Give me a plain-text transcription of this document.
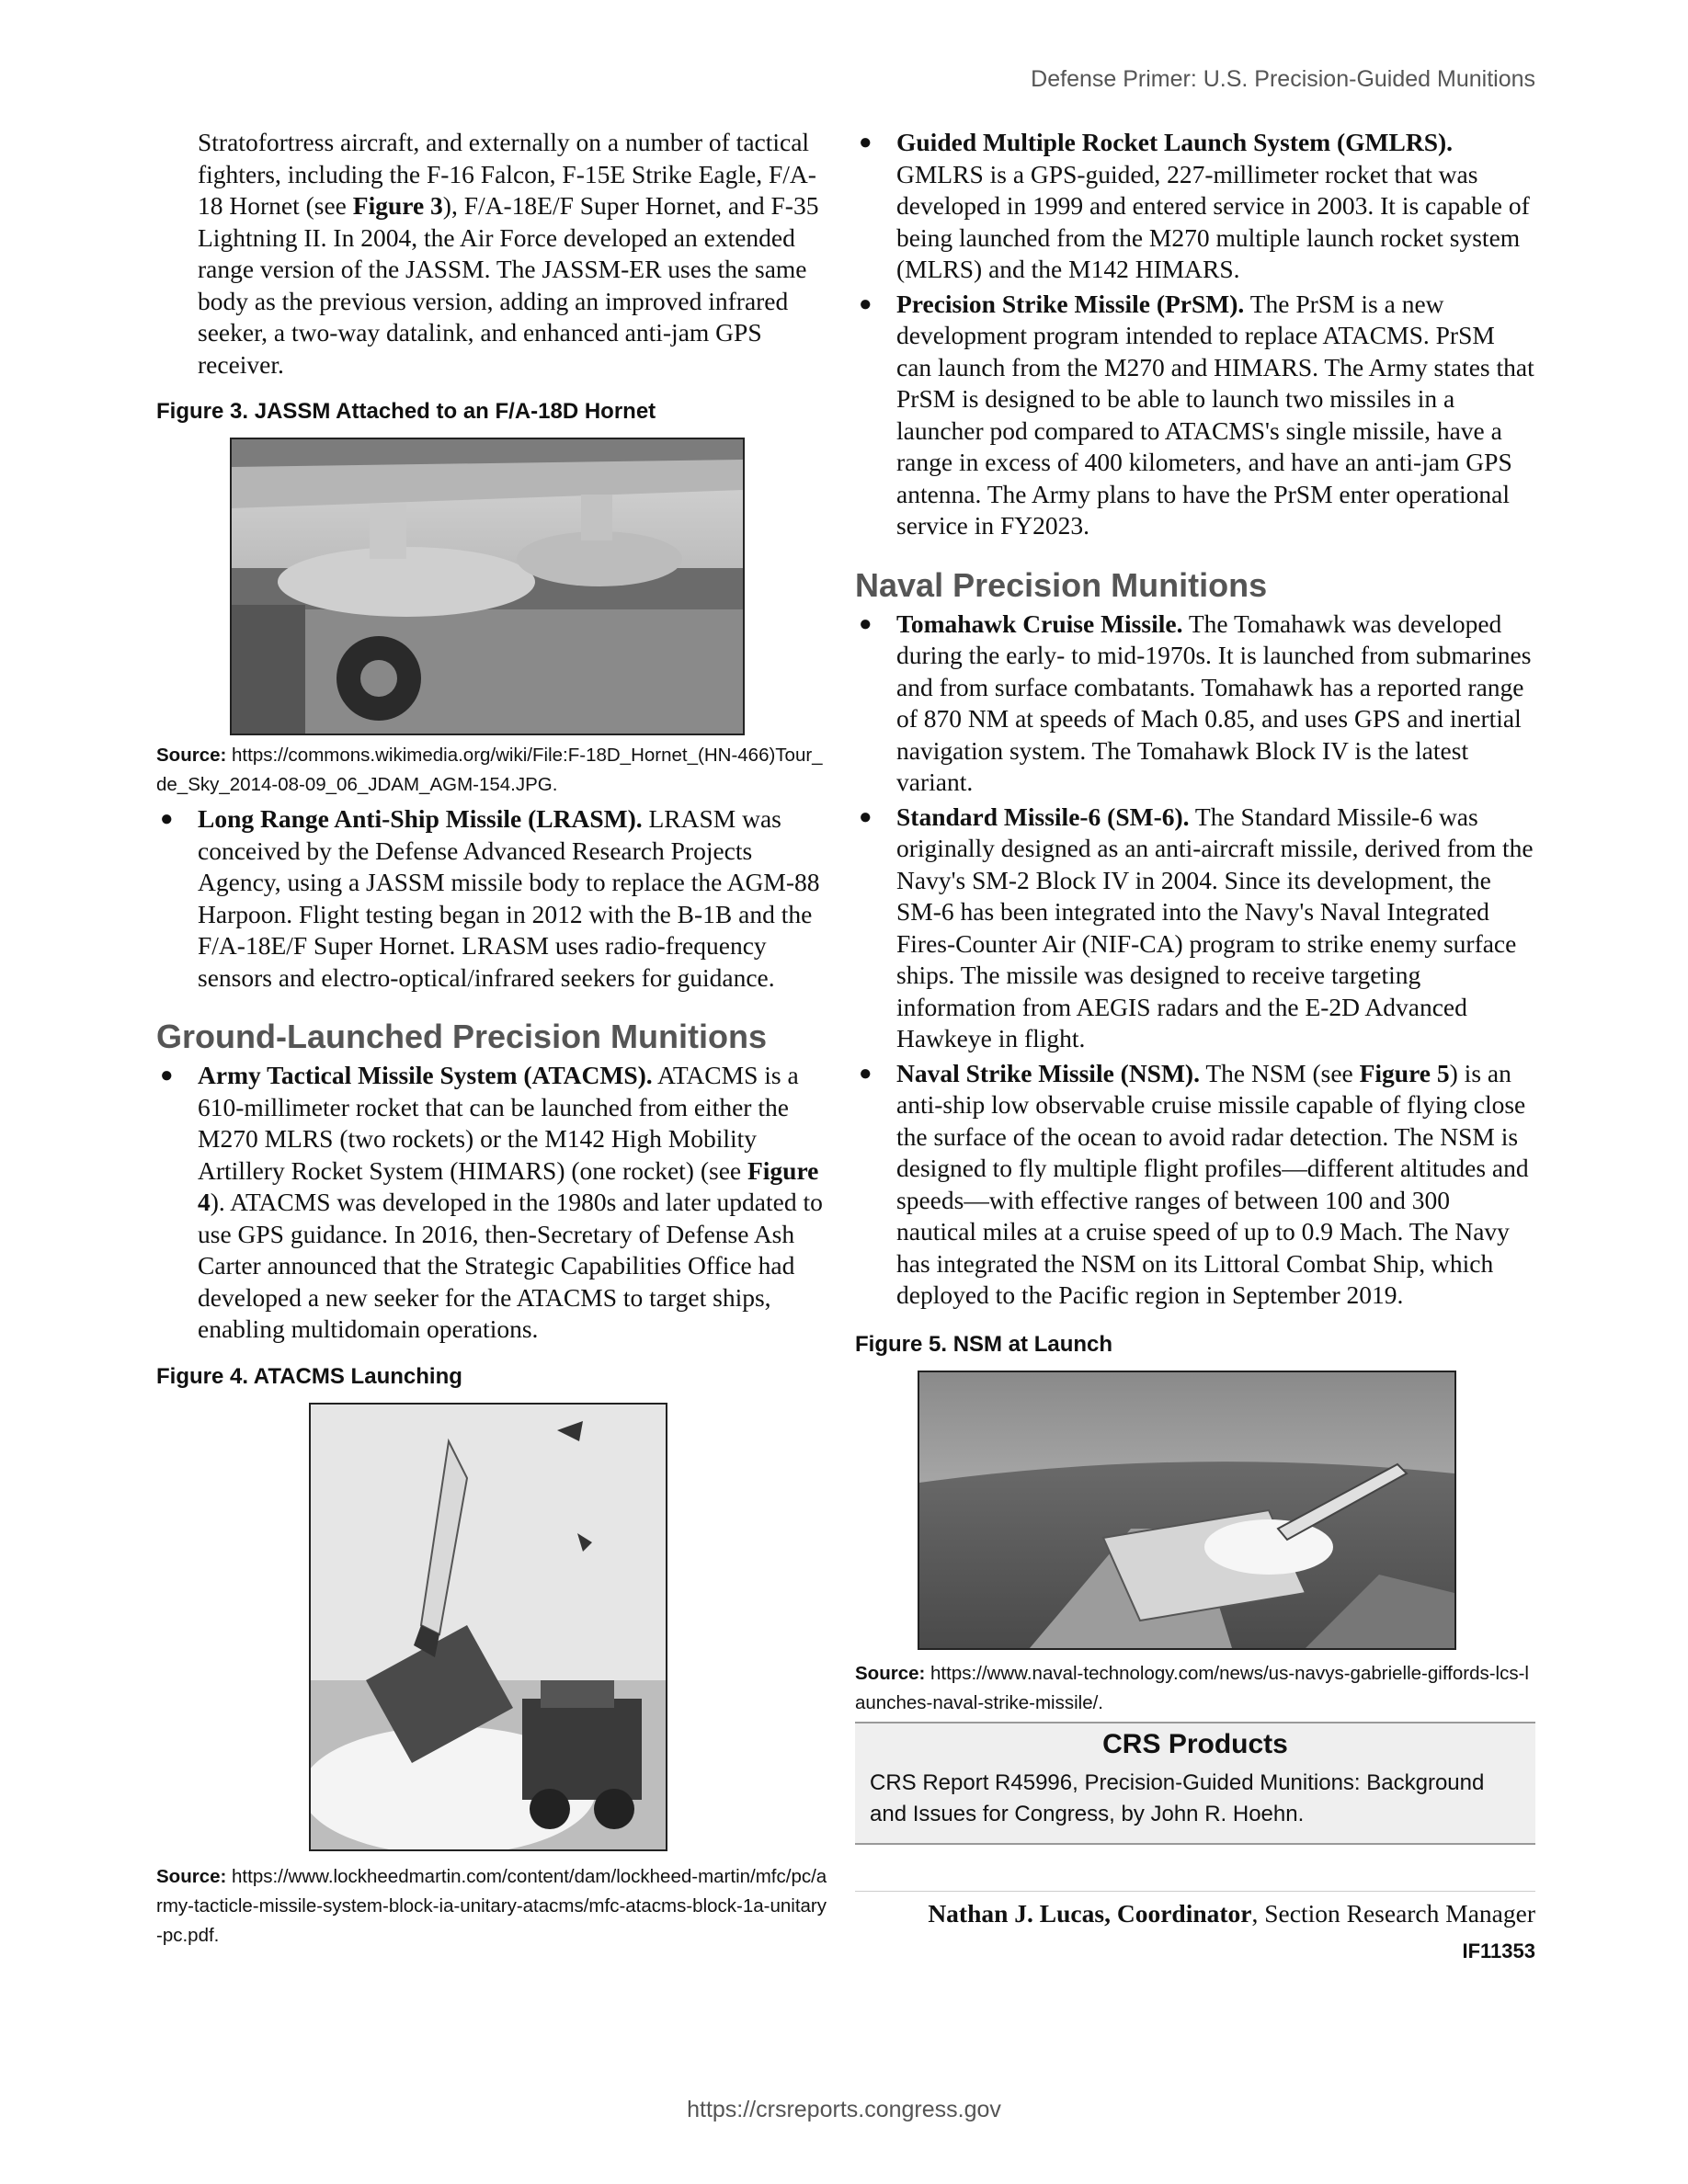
Defense Primer: U.S. Precision-Guided Munitions

Stratofortress aircraft, and externally on a number of tactical fighters, including the F-16 Falcon, F-15E Strike Eagle, F/A-18 Hornet (see Figure 3), F/A-18E/F Super Hornet, and F-35 Lightning II. In 2004, the Air Force developed an extended range version of the JASSM. The JASSM-ER uses the same body as the previous version, adding an improved infrared seeker, a two-way datalink, and enhanced anti-jam GPS receiver.

Figure 3. JASSM Attached to an F/A-18D Hornet
Source: https://commons.wikimedia.org/wiki/File:F-18D_Hornet_(HN-466)Tour_de_Sky_2014-08-09_06_JDAM_AGM-154.JPG.
● Long Range Anti-Ship Missile (LRASM). LRASM was conceived by the Defense Advanced Research Projects Agency, using a JASSM missile body to replace the AGM-88 Harpoon. Flight testing began in 2012 with the B-1B and the F/A-18E/F Super Hornet. LRASM uses radio-frequency sensors and electro-optical/infrared seekers for guidance.
Ground-Launched Precision Munitions
● Army Tactical Missile System (ATACMS). ATACMS is a 610-millimeter rocket that can be launched from either the M270 MLRS (two rockets) or the M142 High Mobility Artillery Rocket System (HIMARS) (one rocket) (see Figure 4). ATACMS was developed in the 1980s and later updated to use GPS guidance. In 2016, then-Secretary of Defense Ash Carter announced that the Strategic Capabilities Office had developed a new seeker for the ATACMS to target ships, enabling multidomain operations.
Figure 4. ATACMS Launching
Source: https://www.lockheedmartin.com/content/dam/lockheed-martin/mfc/pc/army-tacticle-missile-system-block-ia-unitary-atacms/mfc-atacms-block-1a-unitary-pc.pdf.
● Guided Multiple Rocket Launch System (GMLRS). GMLRS is a GPS-guided, 227-millimeter rocket that was developed in 1999 and entered service in 2003. It is capable of being launched from the M270 multiple launch rocket system (MLRS) and the M142 HIMARS.
● Precision Strike Missile (PrSM). The PrSM is a new development program intended to replace ATACMS. PrSM can launch from the M270 and HIMARS. The Army states that PrSM is designed to be able to launch two missiles in a launcher pod compared to ATACMS's single missile, have a range in excess of 400 kilometers, and have an anti-jam GPS antenna. The Army plans to have the PrSM enter operational service in FY2023.
Naval Precision Munitions
● Tomahawk Cruise Missile. The Tomahawk was developed during the early- to mid-1970s. It is launched from submarines and from surface combatants. Tomahawk has a reported range of 870 NM at speeds of Mach 0.85, and uses GPS and inertial navigation system. The Tomahawk Block IV is the latest variant.
● Standard Missile-6 (SM-6). The Standard Missile-6 was originally designed as an anti-aircraft missile, derived from the Navy's SM-2 Block IV in 2004. Since its development, the SM-6 has been integrated into the Navy's Naval Integrated Fires-Counter Air (NIF-CA) program to strike enemy surface ships. The missile was designed to receive targeting information from AEGIS radars and the E-2D Advanced Hawkeye in flight.
● Naval Strike Missile (NSM). The NSM (see Figure 5) is an anti-ship low observable cruise missile capable of flying close the surface of the ocean to avoid radar detection. The NSM is designed to fly multiple flight profiles—different altitudes and speeds—with effective ranges of between 100 and 300 nautical miles at a cruise speed of up to 0.9 Mach. The Navy has integrated the NSM on its Littoral Combat Ship, which deployed to the Pacific region in September 2019.
Figure 5. NSM at Launch
Source: https://www.naval-technology.com/news/us-navys-gabrielle-giffords-lcs-launches-naval-strike-missile/.
CRS Products
CRS Report R45996, Precision-Guided Munitions: Background and Issues for Congress, by John R. Hoehn.
Nathan J. Lucas, Coordinator, Section Research Manager
IF11353
https://crsreports.congress.gov
